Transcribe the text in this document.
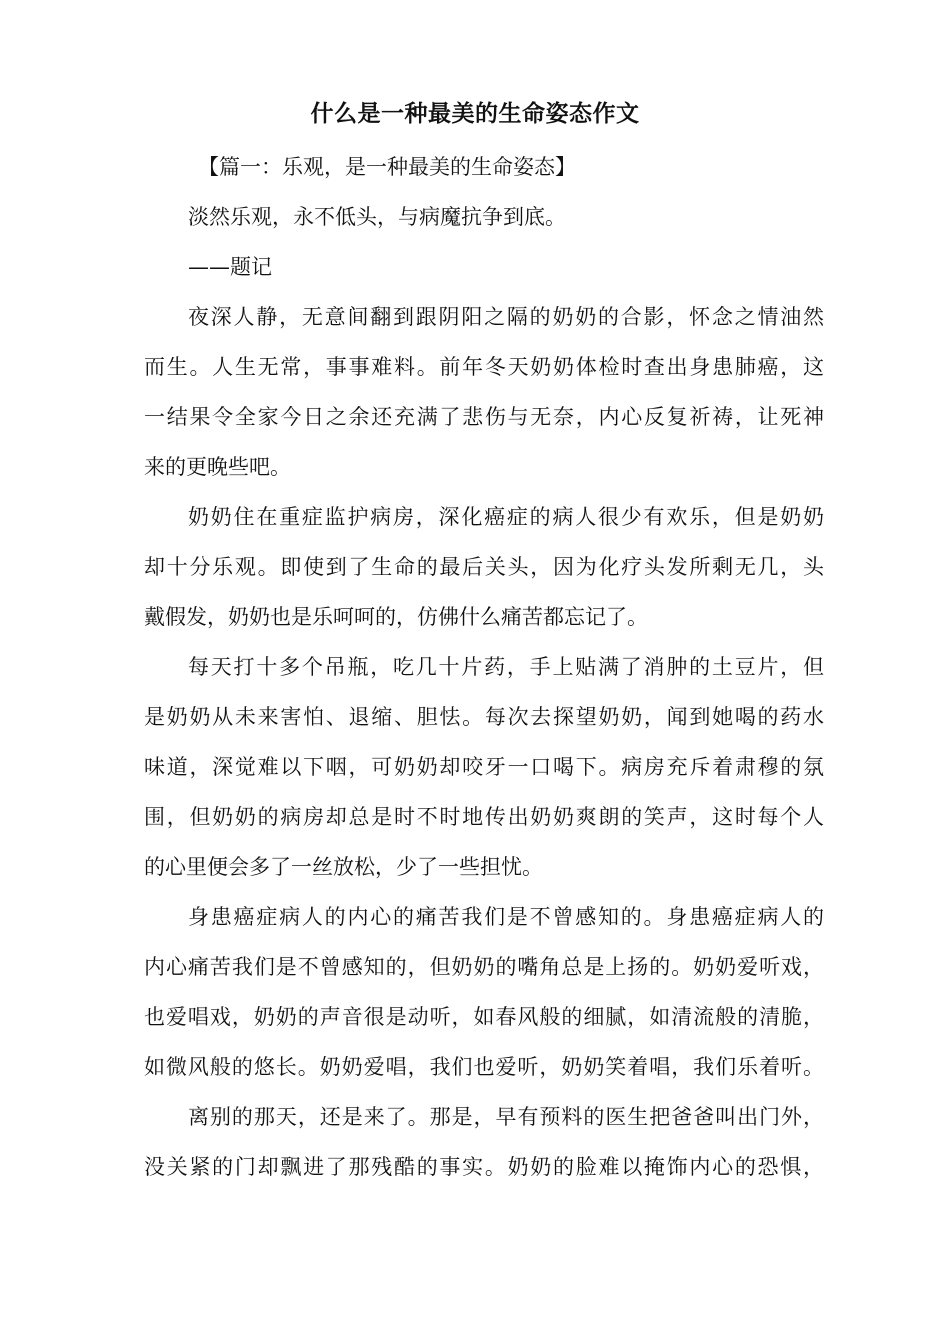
什么是一种最美的生命姿态作文
【篇一：乐观，是一种最美的生命姿态】
淡然乐观，永不低头，与病魔抗争到底。
——题记
夜深人静，无意间翻到跟阴阳之隔的奶奶的合影，怀念之情油然
而生。人生无常，事事难料。前年冬天奶奶体检时查出身患肺癌，这
一结果令全家今日之余还充满了悲伤与无奈，内心反复祈祷，让死神
来的更晚些吧。
奶奶住在重症监护病房，深化癌症的病人很少有欢乐，但是奶奶
却十分乐观。即使到了生命的最后关头，因为化疗头发所剩无几，头
戴假发，奶奶也是乐呵呵的，仿佛什么痛苦都忘记了。
每天打十多个吊瓶，吃几十片药，手上贴满了消肿的土豆片，但
是奶奶从未来害怕、退缩、胆怯。每次去探望奶奶，闻到她喝的药水
味道，深觉难以下咽，可奶奶却咬牙一口喝下。病房充斥着肃穆的氛
围，但奶奶的病房却总是时不时地传出奶奶爽朗的笑声，这时每个人
的心里便会多了一丝放松，少了一些担忧。
身患癌症病人的内心的痛苦我们是不曾感知的。身患癌症病人的
内心痛苦我们是不曾感知的，但奶奶的嘴角总是上扬的。奶奶爱听戏，
也爱唱戏，奶奶的声音很是动听，如春风般的细腻，如清流般的清脆，
如微风般的悠长。奶奶爱唱，我们也爱听，奶奶笑着唱，我们乐着听。
离别的那天，还是来了。那是，早有预料的医生把爸爸叫出门外，
没关紧的门却飘进了那残酷的事实。奶奶的脸难以掩饰内心的恐惧，
